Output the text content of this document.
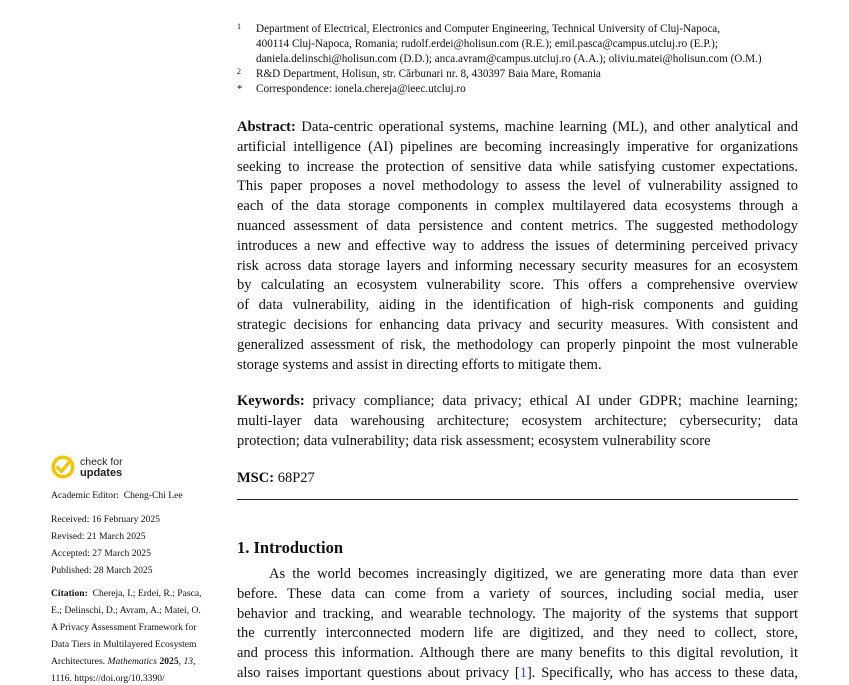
1	Department of Electrical, Electronics and Computer Engineering, Technical University of Cluj-Napoca,
400114 Cluj-Napoca, Romania; rudolf.erdei@holisun.com (R.E.); emil.pasca@campus.utcluj.ro (E.P.);
daniela.delinschi@holisun.com (D.D.); anca.avram@campus.utcluj.ro (A.A.); oliviu.matei@holisun.com (O.M.)
2	R&D Department, Holisun, str. Cărbunari nr. 8, 430397 Baia Mare, Romania
*	Correspondence: ionela.chereja@ieec.utcluj.ro
Abstract: Data-centric operational systems, machine learning (ML), and other analytical and
artificial intelligence (AI) pipelines are becoming increasingly imperative for organizations
seeking to increase the protection of sensitive data while satisfying customer expectations.
This paper proposes a novel methodology to assess the level of vulnerability assigned to
each of the data storage components in complex multilayered data ecosystems through a
nuanced assessment of data persistence and content metrics. The suggested methodology
introduces a new and effective way to address the issues of determining perceived privacy
risk across data storage layers and informing necessary security measures for an ecosystem
by calculating an ecosystem vulnerability score. This offers a comprehensive overview
of data vulnerability, aiding in the identification of high-risk components and guiding
strategic decisions for enhancing data privacy and security measures. With consistent and
generalized assessment of risk, the methodology can properly pinpoint the most vulnerable
storage systems and assist in directing efforts to mitigate them.
Keywords: privacy compliance; data privacy; ethical AI under GDPR; machine learning;
multi-layer data warehousing architecture; ecosystem architecture; cybersecurity; data
protection; data vulnerability; data risk assessment; ecosystem vulnerability score
MSC: 68P27
1. Introduction
As the world becomes increasingly digitized, we are generating more data than ever
before. These data can come from a variety of sources, including social media, user
behavior and tracking, and wearable technology. The majority of the systems that support
the currently interconnected modern life are digitized, and they need to collect, store,
and process this information. Although there are many benefits to this digital revolution, it
also raises important questions about privacy [1]. Specifically, who has access to these data,
check for
updates
Academic Editor: Cheng-Chi Lee
Received: 16 February 2025
Revised: 21 March 2025
Accepted: 27 March 2025
Published: 28 March 2025
Citation: Chereja, I.; Erdei, R.; Pasca,
E.; Delinschi, D.; Avram, A.; Matei, O.
A Privacy Assessment Framework for
Data Tiers in Multilayered Ecosystem
Architectures. Mathematics 2025, 13,
1116. https://doi.org/10.3390/
